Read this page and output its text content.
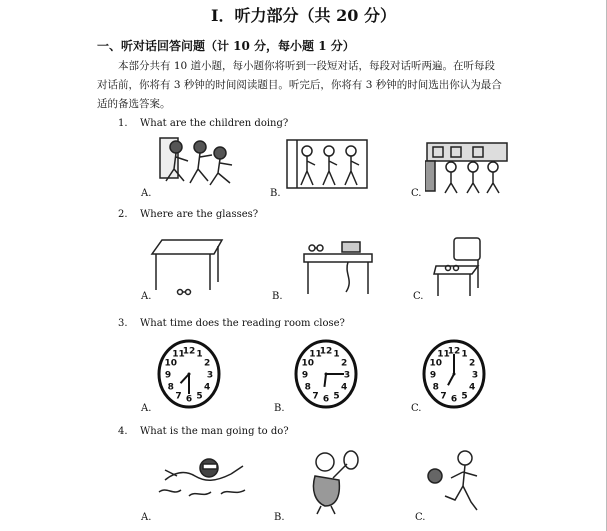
I．听力部分（共 20 分）
一、听对话回答问题（计 10 分，每小题 1 分）
本部分共有 10 道小题，每小题你将听到一段短对话，每段对话听两遍。在听每段
对话前，你将有 3 秒钟的时间阅读题目。听完后，你将有 3 秒钟的时间选出你认为最合
适的备选答案。
1. What are the children doing?
A.	B.	C.
2. Where are the glasses?
A.	B.	C.
3. What time does the reading room close?
12 1
2
3
4
5
6
7
8
9
10
11	12 1
2
3
4
5
6
7
8
9
10
11	12 1
2
3
4
5
6
7
8
9
10
11
A.	B.	C.
4. What is the man going to do?
A.	B.	C.
